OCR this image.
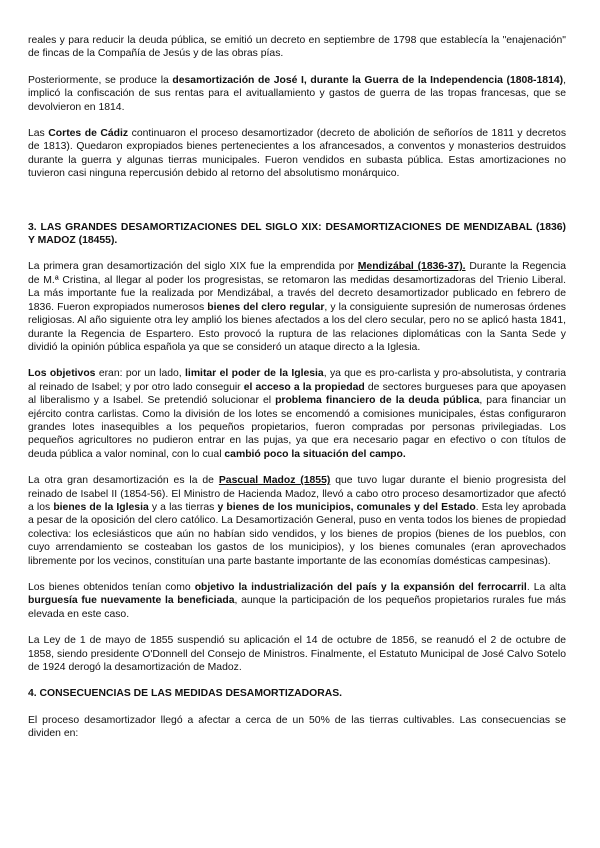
reales y para reducir la deuda pública, se emitió un decreto en septiembre de 1798 que establecía la "enajenación" de fincas de la Compañía de Jesús y de las obras pías.

Posteriormente, se produce la desamortización de José I, durante la Guerra de la Independencia (1808-1814), implicó la confiscación de sus rentas para el avituallamiento y gastos de guerra de las tropas francesas, que se devolvieron en 1814.

Las Cortes de Cádiz continuaron el proceso desamortizador (decreto de abolición de señoríos de 1811 y decretos de 1813). Quedaron expropiados bienes pertenecientes a los afrancesados, a conventos y monasterios destruidos durante la guerra y algunas tierras municipales. Fueron vendidos en subasta pública. Estas amortizaciones no tuvieron casi ninguna repercusión debido al retorno del absolutismo monárquico.

3. LAS GRANDES DESAMORTIZACIONES DEL SIGLO XIX: DESAMORTIZACIONES DE MENDIZABAL (1836) Y MADOZ (18455).

La primera gran desamortización del siglo XIX fue la emprendida por Mendizábal (1836-37). Durante la Regencia de M.ª Cristina, al llegar al poder los progresistas, se retomaron las medidas desamortizadoras del Trienio Liberal. La más importante fue la realizada por Mendizábal, a través del decreto desamortizador publicado en febrero de 1836. Fueron expropiados numerosos bienes del clero regular, y la consiguiente supresión de numerosas órdenes religiosas. Al año siguiente otra ley amplió los bienes afectados a los del clero secular, pero no se aplicó hasta 1841, durante la Regencia de Espartero. Esto provocó la ruptura de las relaciones diplomáticas con la Santa Sede y dividió la opinión pública española ya que se consideró un ataque directo a la Iglesia.

Los objetivos eran: por un lado, limitar el poder de la Iglesia, ya que es pro-carlista y pro-absolutista, y contraria al reinado de Isabel; y por otro lado conseguir el acceso a la propiedad de sectores burgueses para que apoyasen al liberalismo y a Isabel. Se pretendió solucionar el problema financiero de la deuda pública, para financiar un ejército contra carlistas. Como la división de los lotes se encomendó a comisiones municipales, éstas configuraron grandes lotes inasequibles a los pequeños propietarios, fueron compradas por personas privilegiadas. Los pequeños agricultores no pudieron entrar en las pujas, ya que era necesario pagar en efectivo o con títulos de deuda pública a valor nominal, con lo cual cambió poco la situación del campo.

La otra gran desamortización es la de Pascual Madoz (1855) que tuvo lugar durante el bienio progresista del reinado de Isabel II (1854-56). El Ministro de Hacienda Madoz, llevó a cabo otro proceso desamortizador que afectó a los bienes de la Iglesia y a las tierras y bienes de los municipios, comunales y del Estado. Esta ley aprobada a pesar de la oposición del clero católico. La Desamortización General, puso en venta todos los bienes de propiedad colectiva: los eclesiásticos que aún no habían sido vendidos, y los bienes de propios (bienes de los pueblos, con cuyo arrendamiento se costeaban los gastos de los municipios), y los bienes comunales (eran aprovechados libremente por los vecinos, constituían una parte bastante importante de las economías domésticas campesinas).

Los bienes obtenidos tenían como objetivo la industrialización del país y la expansión del ferrocarril. La alta burguesía fue nuevamente la beneficiada, aunque la participación de los pequeños propietarios rurales fue más elevada en este caso.

La Ley de 1 de mayo de 1855 suspendió su aplicación el 14 de octubre de 1856, se reanudó el 2 de octubre de 1858, siendo presidente O'Donnell del Consejo de Ministros. Finalmente, el Estatuto Municipal de José Calvo Sotelo de 1924 derogó la desamortización de Madoz.

4. CONSECUENCIAS DE LAS MEDIDAS DESAMORTIZADORAS.

El proceso desamortizador llegó a afectar a cerca de un 50% de las tierras cultivables. Las consecuencias se dividen en:
